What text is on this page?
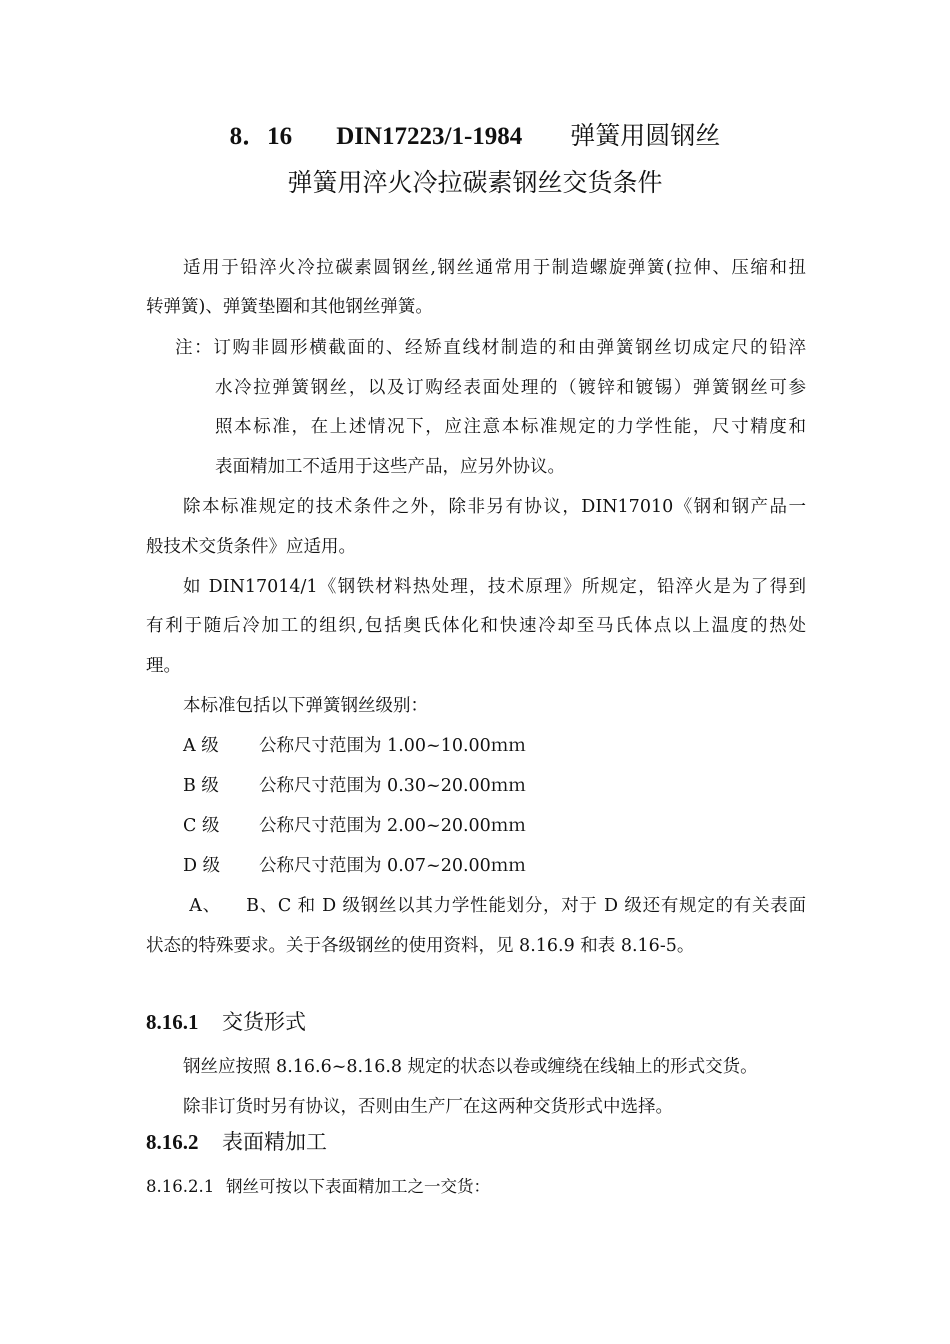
8．16 DIN17223/1-1984 弹簧用圆钢丝
弹簧用淬火冷拉碳素钢丝交货条件
适用于铅淬火冷拉碳素圆钢丝,钢丝通常用于制造螺旋弹簧(拉伸、压缩和扭
转弹簧)、弹簧垫圈和其他钢丝弹簧。
注：订购非圆形横截面的、经矫直线材制造的和由弹簧钢丝切成定尺的铅淬
水冷拉弹簧钢丝，以及订购经表面处理的（镀锌和镀锡）弹簧钢丝可参
照本标准，在上述情况下，应注意本标准规定的力学性能，尺寸精度和
表面精加工不适用于这些产品，应另外协议。
除本标准规定的技术条件之外，除非另有协议，DIN17010《钢和钢产品一
般技术交货条件》应适用。
如 DIN17014/1《钢铁材料热处理，技术原理》所规定，铅淬火是为了得到
有利于随后冷加工的组织,包括奥氏体化和快速冷却至马氏体点以上温度的热处
理。
本标准包括以下弹簧钢丝级别：
A 级 公称尺寸范围为 1.00~10.00ｍｍ
B 级 公称尺寸范围为 0.30~20.00ｍｍ
C 级 公称尺寸范围为 2.00~20.00ｍｍ
D 级 公称尺寸范围为 0.07~20.00ｍｍ
A、    B、C 和 D 级钢丝以其力学性能划分，对于 D 级还有规定的有关表面
状态的特殊要求。关于各级钢丝的使用资料，见 8.16.9 和表 8.16-5。
8.16.1 交货形式
钢丝应按照 8.16.6~8.16.8 规定的状态以卷或缠绕在线轴上的形式交货。
除非订货时另有协议，否则由生产厂在这两种交货形式中选择。
8.16.2 表面精加工
8.16.2.1 钢丝可按以下表面精加工之一交货：
